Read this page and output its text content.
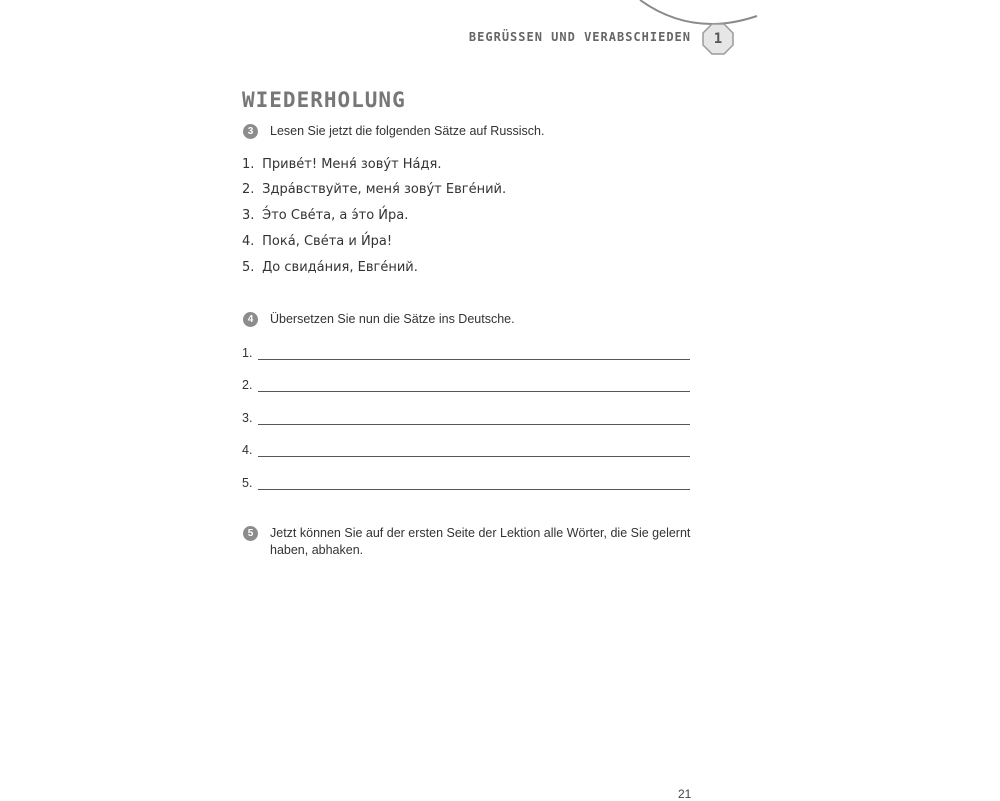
BEGRÜSSEN UND VERABSCHIEDEN	1
WIEDERHOLUNG
3	Lesen Sie jetzt die folgenden Sätze auf Russisch.
1. Приве́т! Меня́ зову́т На́дя.
2. Здра́вствуйте, меня́ зову́т Евге́ний.
3. Э́то Све́та, а э́то И́ра.
4. Пока́, Све́та и И́ра!
5. До свида́ния, Евге́ний.
4	Übersetzen Sie nun die Sätze ins Deutsche.
1.
2.
3.
4.
5.
5	Jetzt können Sie auf der ersten Seite der Lektion alle Wörter, die Sie gelernt haben, abhaken.
21
